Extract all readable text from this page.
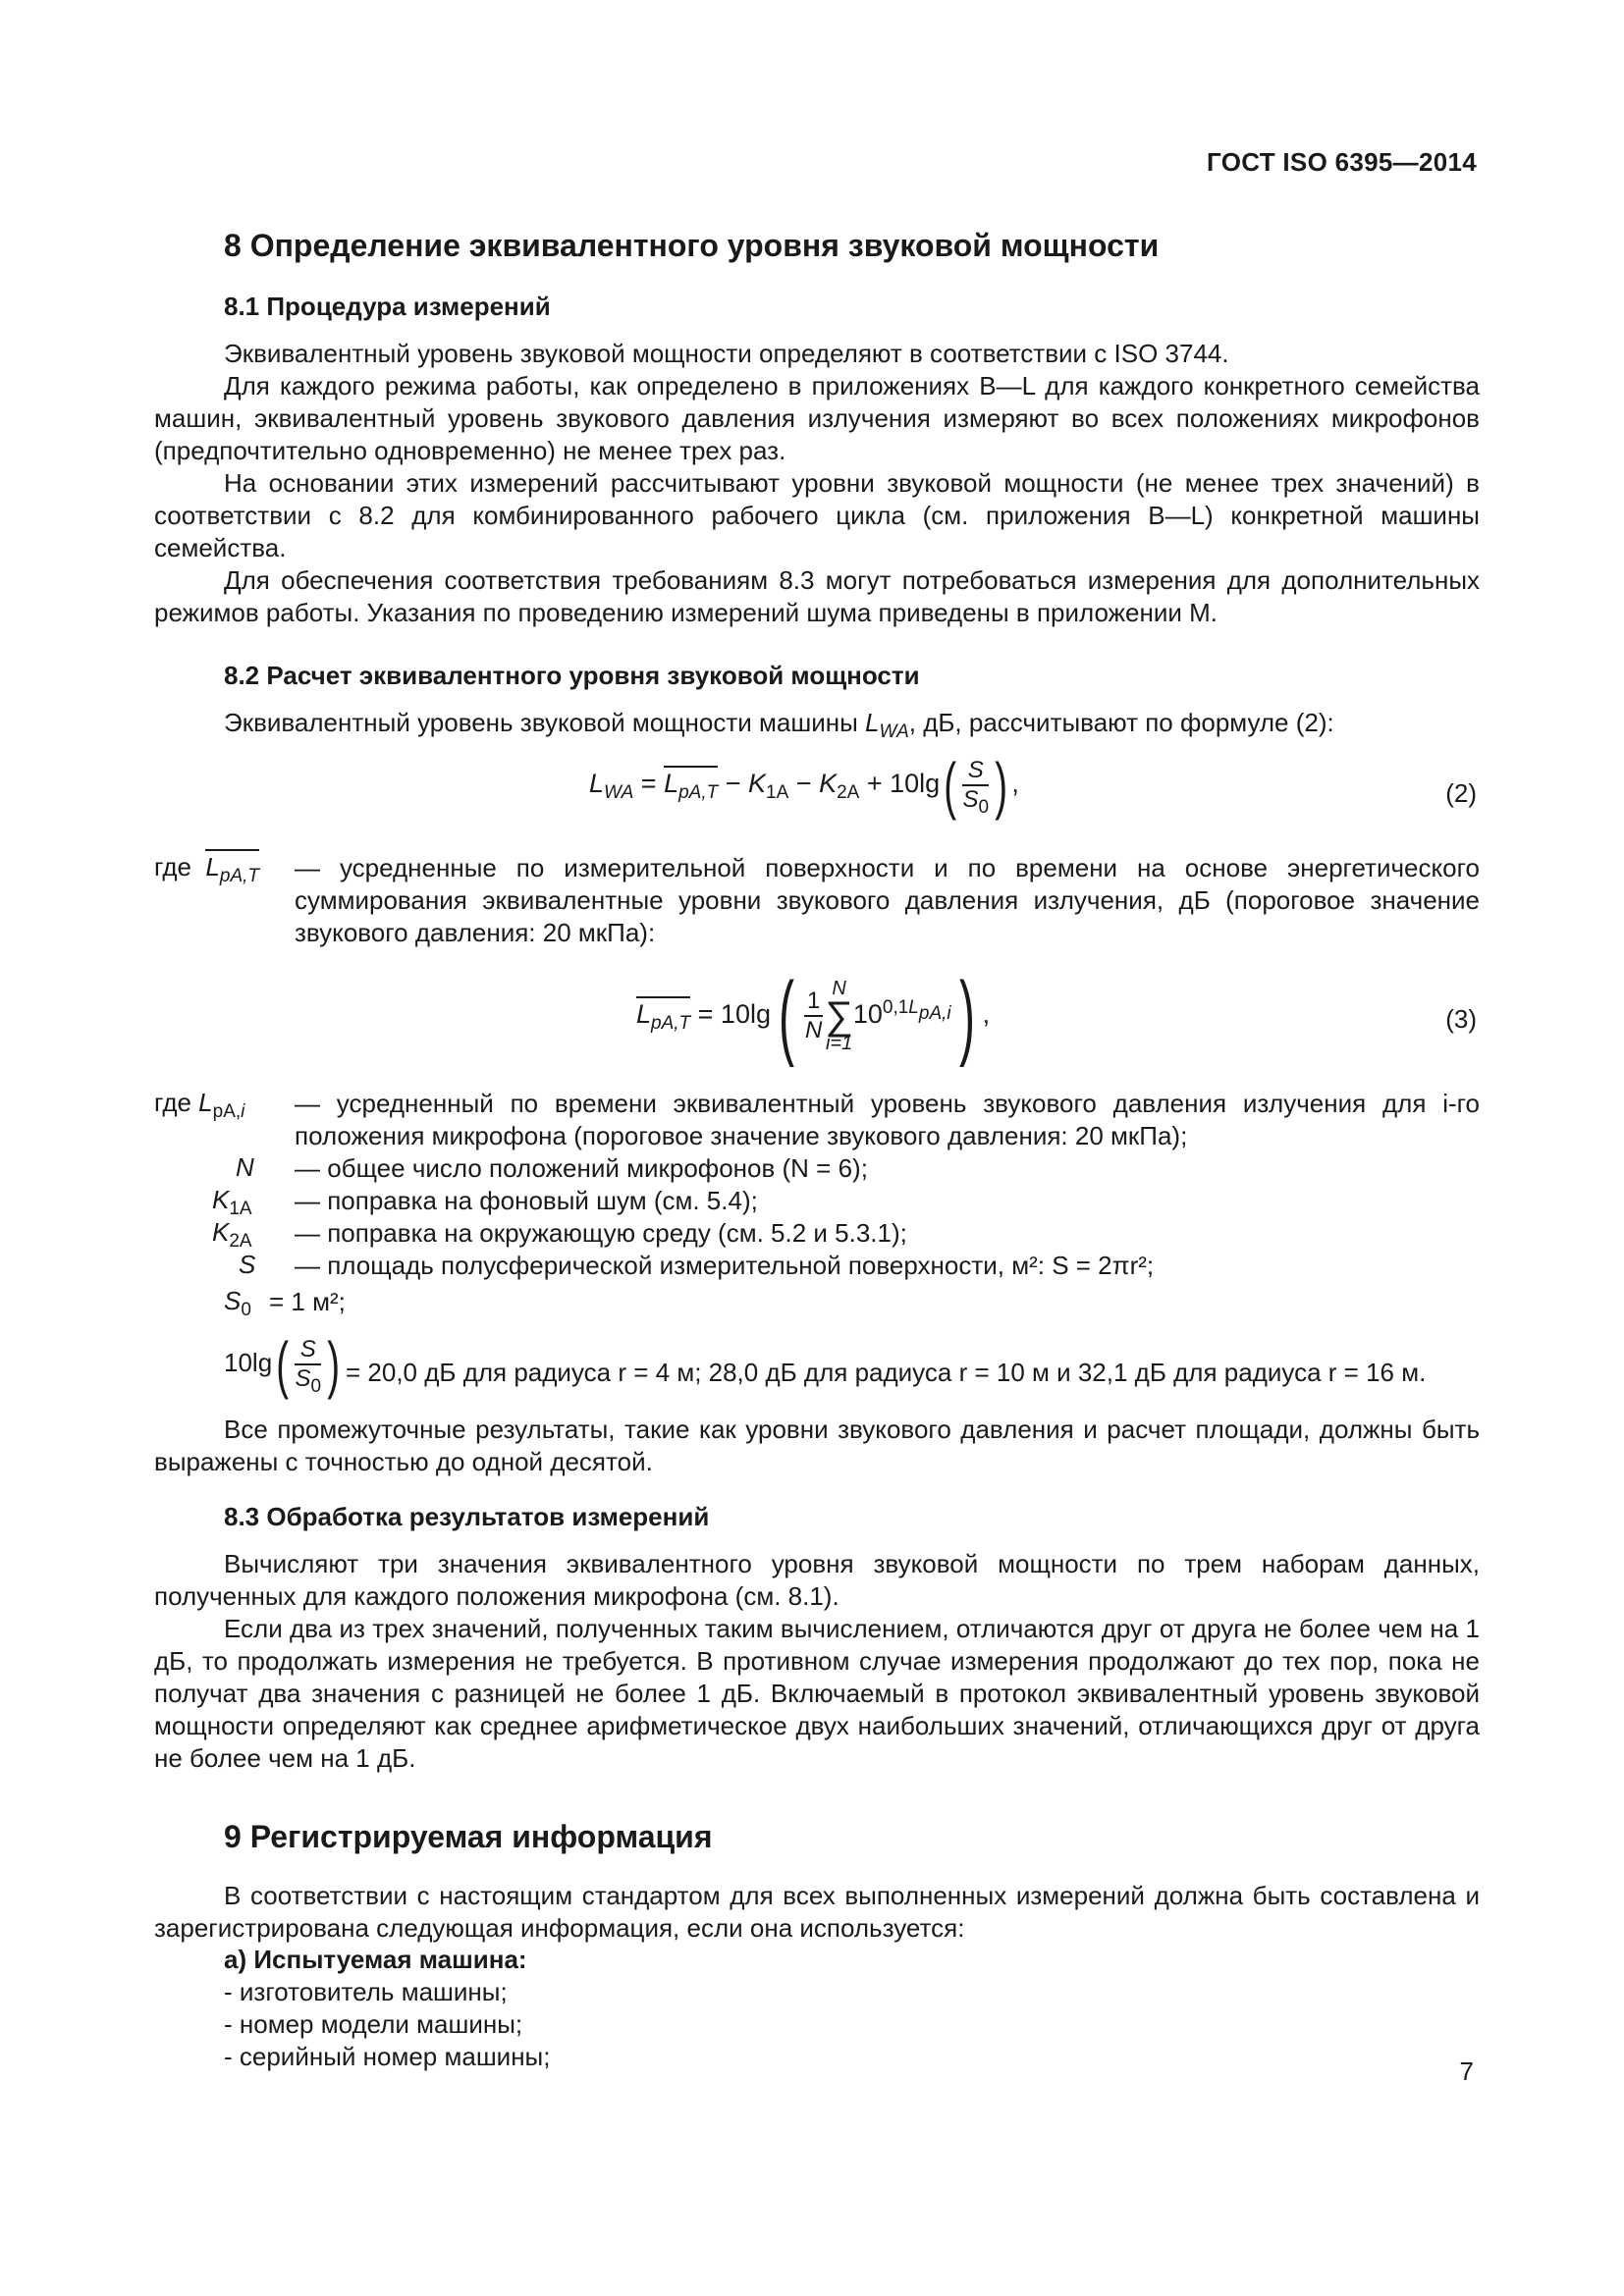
ГОСТ ISO 6395—2014
8 Определение эквивалентного уровня звуковой мощности
8.1 Процедура измерений

Эквивалентный уровень звуковой мощности определяют в соответствии с ISO 3744.

Для каждого режима работы, как определено в приложениях В—L для каждого конкретного семейства машин, эквивалентный уровень звукового давления излучения измеряют во всех положениях микрофонов (предпочтительно одновременно) не менее трех раз.

На основании этих измерений рассчитывают уровни звуковой мощности (не менее трех значений) в соответствии с 8.2 для комбинированного рабочего цикла (см. приложения В—L) конкретной машины семейства.

Для обеспечения соответствия требованиям 8.3 могут потребоваться измерения для дополнительных режимов работы. Указания по проведению измерений шума приведены в приложении М.

8.2 Расчет эквивалентного уровня звуковой мощности

Эквивалентный уровень звуковой мощности машины $L_{WA}$, дБ, рассчитывают по формуле (2):

$L_{WA} = L_{pA,T} - K_{1A} - K_{2A} + 10\lg( \frac{S}{S_0}$ ) ,	(2)
где $L_{pA,T}$ — усредненные по измерительной поверхности и по времени на основе энергетического суммирования эквивалентные уровни звукового давления излучения, дБ (пороговое значение звукового давления: 20 мкПа):
$L_{pA,T} = 10\lg( \frac{1}{N}$ N
∑
i=1
$10^{0,1L_{pA,i}}$) ,	(3)
где $L_{pA,i}$ — усредненный по времени эквивалентный уровень звукового давления излучения для i-го положения микрофона (пороговое значение звукового давления: 20 мкПа);
N — общее число положений микрофонов (N = 6);
$K_{1A}$ — поправка на фоновый шум (см. 5.4);
$K_{2A}$ — поправка на окружающую среду (см. 5.2 и 5.3.1);
S — площадь полусферической измерительной поверхности, м²: S = 2πr²;
$S_0 = 1$ м²;
$10\lg( \frac{S}{S_0}$ ) = 20,0 дБ для радиуса r = 4 м; 28,0 дБ для радиуса r = 10 м и 32,1 дБ для радиуса r = 16 м.

Все промежуточные результаты, такие как уровни звукового давления и расчет площади, должны быть выражены с точностью до одной десятой.

8.3 Обработка результатов измерений

Вычисляют три значения эквивалентного уровня звуковой мощности по трем наборам данных, полученных для каждого положения микрофона (см. 8.1).

Если два из трех значений, полученных таким вычислением, отличаются друг от друга не более чем на 1 дБ, то продолжать измерения не требуется. В противном случае измерения продолжают до тех пор, пока не получат два значения с разницей не более 1 дБ. Включаемый в протокол эквивалентный уровень звуковой мощности определяют как среднее арифметическое двух наибольших значений, отличающихся друг от друга не более чем на 1 дБ.

9 Регистрируемая информация

В соответствии с настоящим стандартом для всех выполненных измерений должна быть составлена и зарегистрирована следующая информация, если она используется:

а) Испытуемая машина:
- изготовитель машины;
- номер модели машины;
- серийный номер машины;	7
